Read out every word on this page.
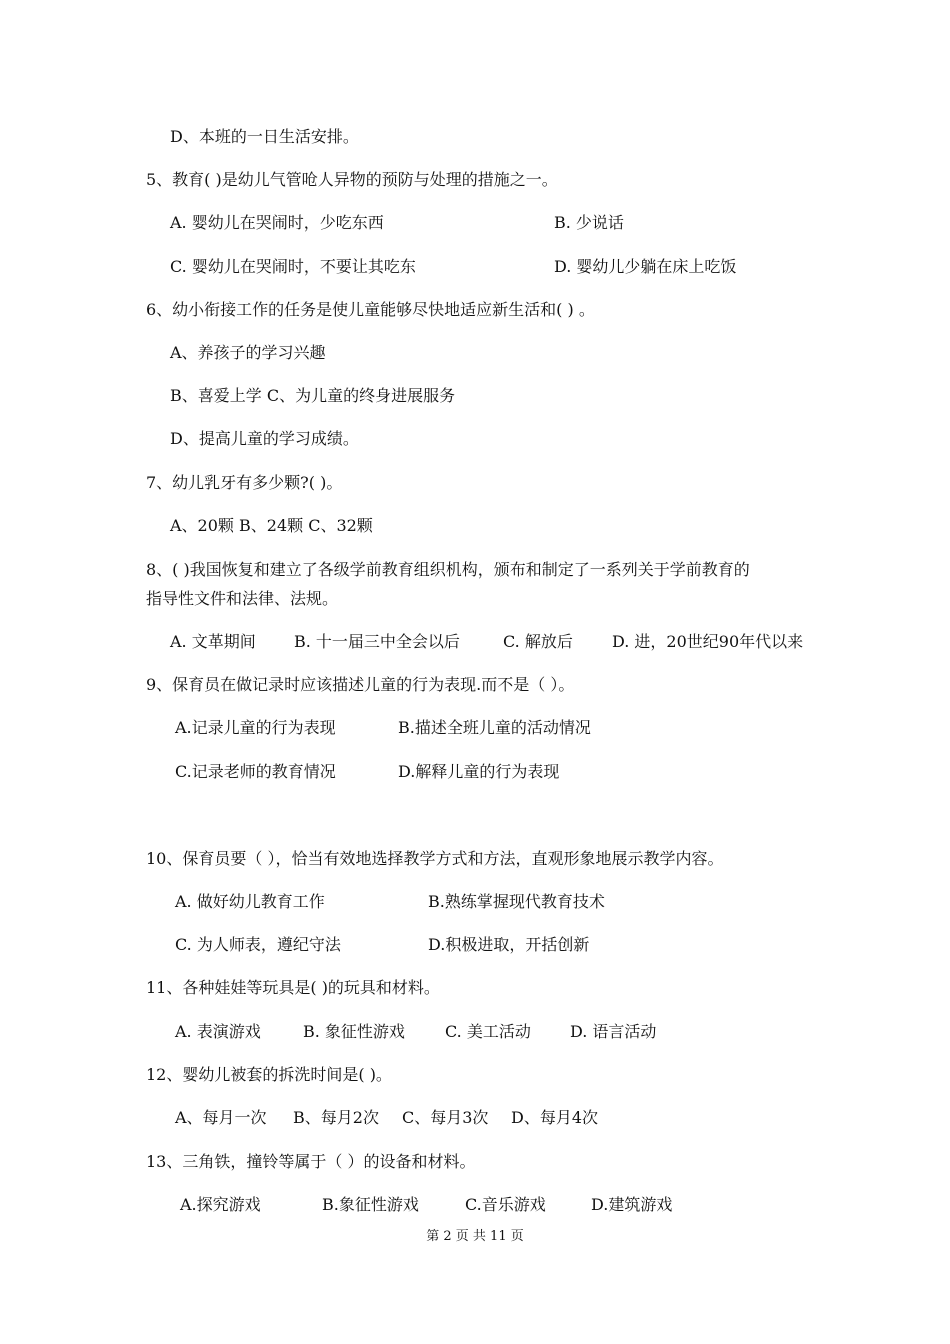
D、本班的一日生活安排。
5、教育( )是幼儿气管呛人异物的预防与处理的措施之一。
A. 婴幼儿在哭闹时，少吃东西	B. 少说话
C. 婴幼儿在哭闹时，不要让其吃东	D. 婴幼儿少躺在床上吃饭
6、幼小衔接工作的任务是使儿童能够尽快地适应新生活和( ) 。
A、养孩子的学习兴趣
B、喜爱上学 C、为儿童的终身进展服务
D、提高儿童的学习成绩。
7、幼儿乳牙有多少颗?( )。
A、20颗 B、24颗 C、32颗
8、( )我国恢复和建立了各级学前教育组织机构，颁布和制定了一系列关于学前教育的
指导性文件和法律、法规。
A. 文革期间 B. 十一届三中全会以后	C. 解放后 D. 进，20世纪90年代以来
9、保育员在做记录时应该描述儿童的行为表现.而不是（ ）。
A.记录儿童的行为表现	B.描述全班儿童的活动情况
C.记录老师的教育情况	D.解释儿童的行为表现
10、保育员要（ ），恰当有效地选择教学方式和方法，直观形象地展示教学内容。
A. 做好幼儿教育工作	B.熟练掌握现代教育技术
C. 为人师表，遵纪守法	D.积极进取，开括创新
11、各种娃娃等玩具是( )的玩具和材料。
A. 表演游戏	B. 象征性游戏	C. 美工活动 D. 语言活动
12、婴幼儿被套的拆洗时间是( )。
A、每月一次 B、每月2次 C、每月3次 D、每月4次
13、三角铁，撞铃等属于（ ）的设备和材料。
A.探究游戏	B.象征性游戏	C.音乐游戏	D.建筑游戏
第 2 页 共 11 页
